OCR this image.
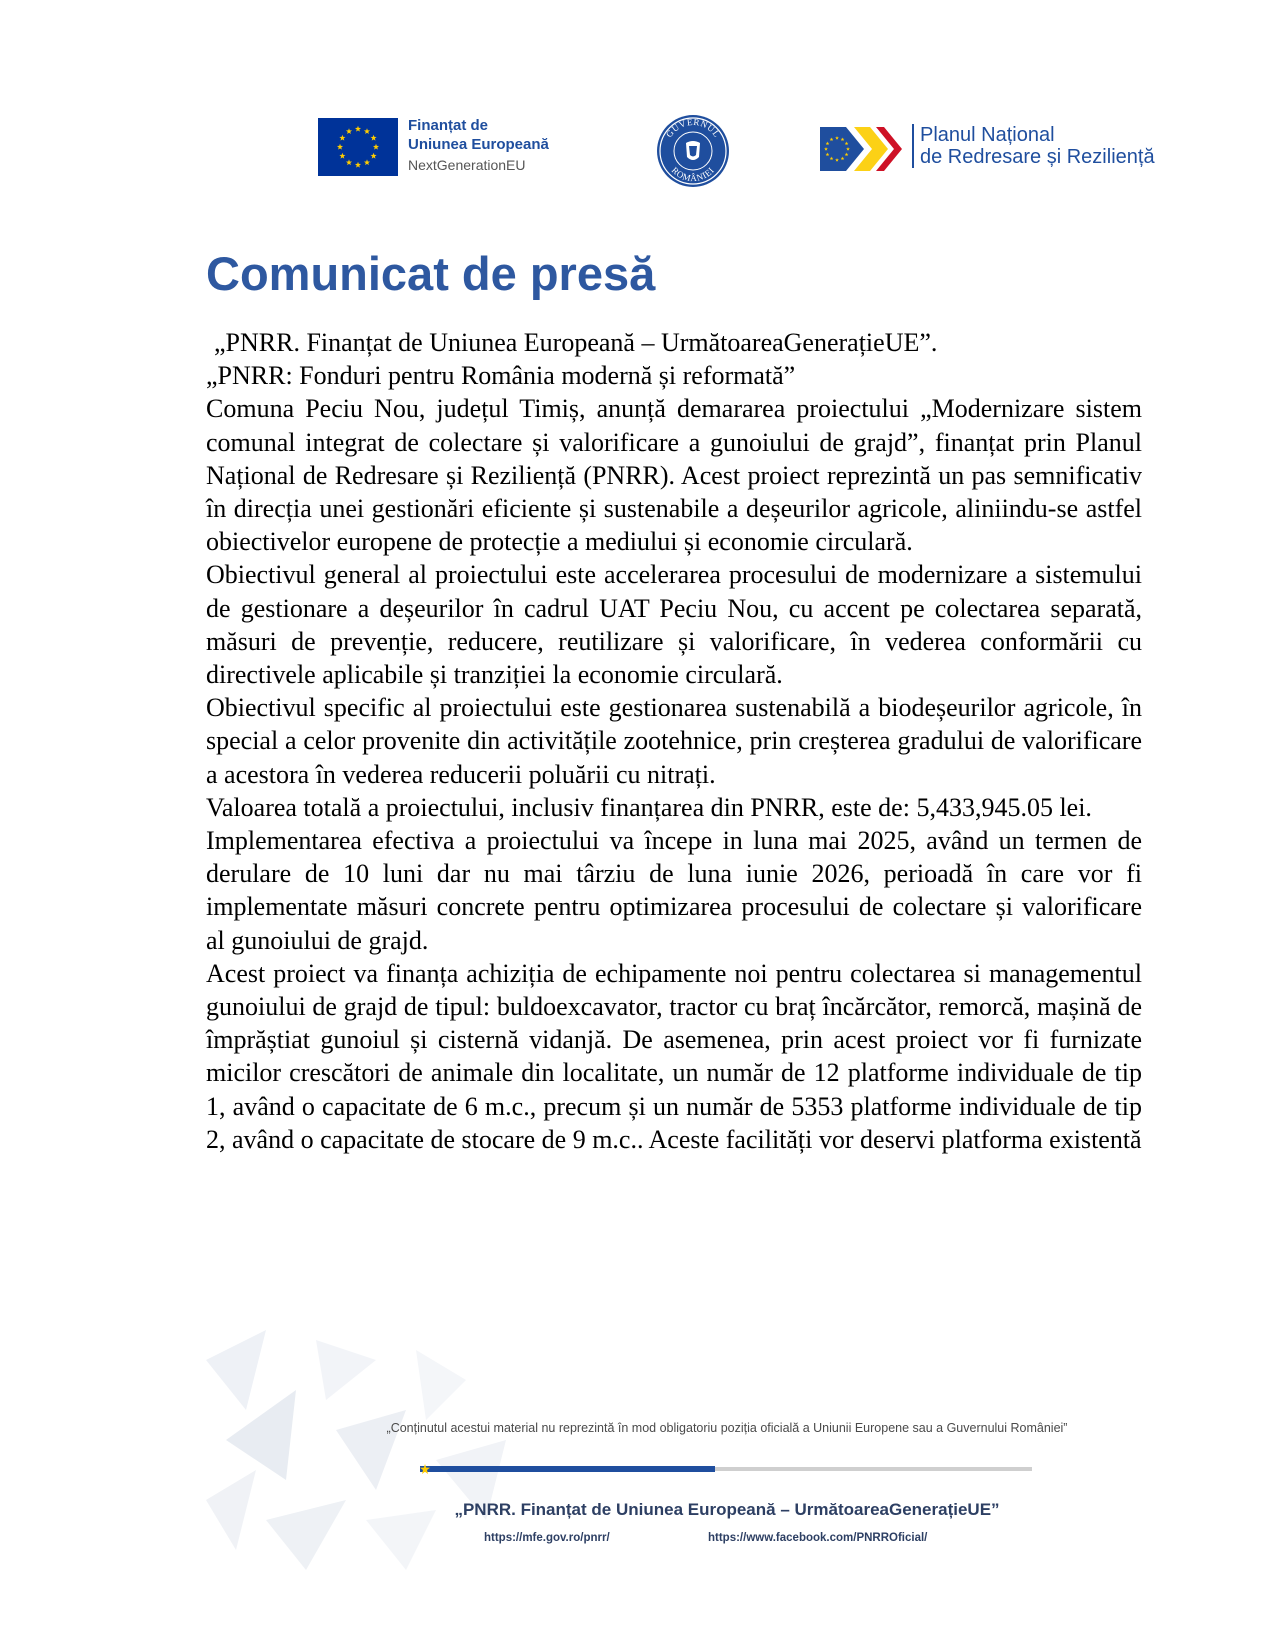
Finanțat de
Uniunea Europeană
NextGenerationEU
GUVERNUL
ROMÂNIEI
Planul Național
de Redresare și Reziliență
Comunicat de presă

„PNRR. Finanțat de Uniunea Europeană – UrmătoareaGenerațieUE”.

„PNRR: Fonduri pentru România modernă și reformată”

Comuna Peciu Nou, județul Timiș, anunță demararea proiectului „Modernizare sistem comunal integrat de colectare și valorificare a gunoiului de grajd”, finanțat prin Planul Național de Redresare și Reziliență (PNRR). Acest proiect reprezintă un pas semnificativ în direcția unei gestionări eficiente și sustenabile a deșeurilor agricole, aliniindu-se astfel obiectivelor europene de protecție a mediului și economie circulară.

Obiectivul general al proiectului este accelerarea procesului de modernizare a sistemului de gestionare a deșeurilor în cadrul UAT Peciu Nou, cu accent pe colectarea separată, măsuri de prevenție, reducere, reutilizare și valorificare, în vederea conformării cu directivele aplicabile și tranziției la economie circulară.

Obiectivul specific al proiectului este gestionarea sustenabilă a biodeșeurilor agricole, în special a celor provenite din activitățile zootehnice, prin creșterea gradului de valorificare a acestora în vederea reducerii poluării cu nitrați.

Valoarea totală a proiectului, inclusiv finanțarea din PNRR, este de: 5,433,945.05 lei.

Implementarea efectiva a proiectului va începe in luna mai 2025, având un termen de derulare de 10 luni dar nu mai târziu de luna iunie 2026, perioadă în care vor fi implementate măsuri concrete pentru optimizarea procesului de colectare și valorificare al gunoiului de grajd.

Acest proiect va finanța achiziția de echipamente noi pentru colectarea si managementul gunoiului de grajd de tipul: buldoexcavator, tractor cu braț încărcător, remorcă, mașină de împrăștiat gunoiul și cisternă vidanjă. De asemenea, prin acest proiect vor fi furnizate micilor crescători de animale din localitate, un număr de 12 platforme individuale de tip 1, având o capacitate de 6 m.c., precum și un număr de 5353 platforme individuale de tip 2, având o capacitate de stocare de 9 m.c.. Aceste facilități vor deservi platforma existentă

„Conținutul acestui material nu reprezintă în mod obligatoriu poziția oficială a Uniunii Europene sau a Guvernului României”
„PNRR. Finanțat de Uniunea Europeană – UrmătoareaGenerațieUE”
https://mfe.gov.ro/pnrr/	https://www.facebook.com/PNRROficial/
